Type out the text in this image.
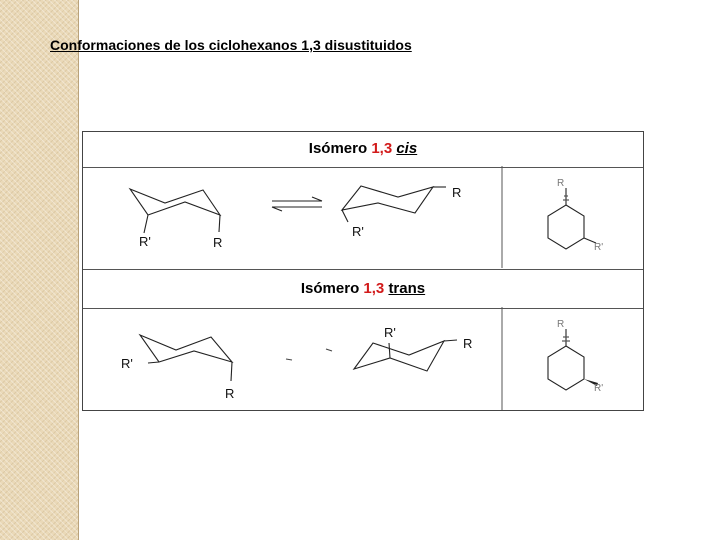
Conformaciones de los ciclohexanos 1,3 disustituidos
Isómero 1,3 cis
Isómero 1,3 trans
R'	R
R
R'
R
R'
R'
R
R'
R
R
R'
